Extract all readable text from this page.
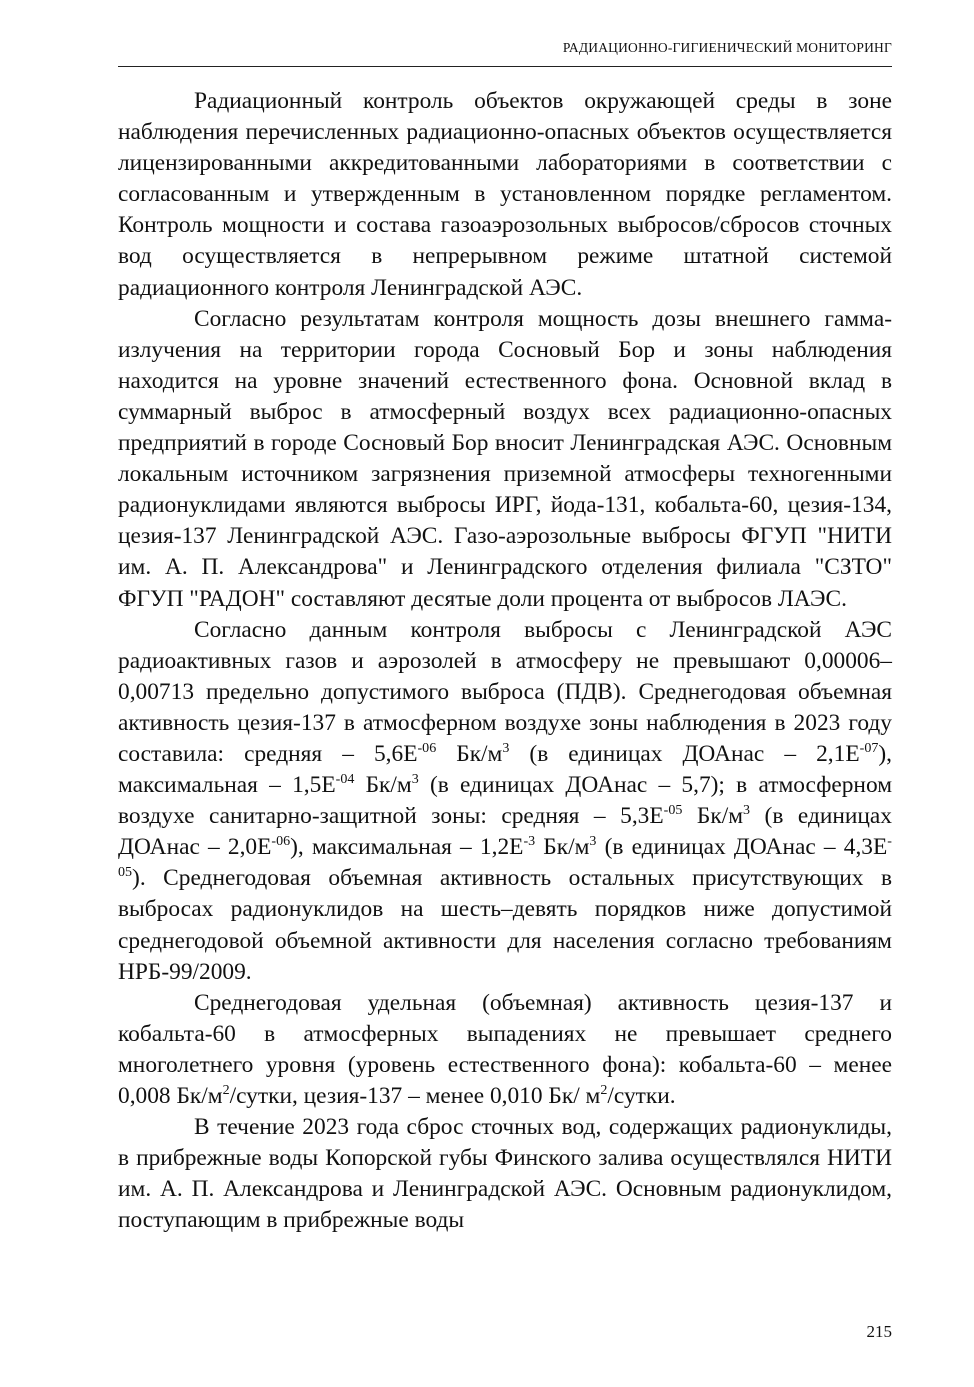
РАДИАЦИОННО-ГИГИЕНИЧЕСКИЙ МОНИТОРИНГ

Радиационный контроль объектов окружающей среды в зоне наблюдения перечисленных радиационно-опасных объектов осуществляется лицензированными аккредитованными лабораториями в соответствии с согласованным и утвержденным в установленном порядке регламентом. Контроль мощности и состава газоаэрозольных выбросов/сбросов сточных вод осуществляется в непрерывном режиме штатной системой радиационного контроля Ленинградской АЭС.

Согласно результатам контроля мощность дозы внешнего гамма-излучения на территории города Сосновый Бор и зоны наблюдения находится на уровне значений естественного фона. Основной вклад в суммарный выброс в атмосферный воздух всех радиационно-опасных предприятий в городе Сосновый Бор вносит Ленинградская АЭС. Основным локальным источником загрязнения приземной атмосферы техногенными радионуклидами являются выбросы ИРГ, йода-131, кобальта-60, цезия-134, цезия-137 Ленинградской АЭС. Газо-аэрозольные выбросы ФГУП "НИТИ им. А. П. Александрова" и Ленинградского отделения филиала "СЗТО" ФГУП "РАДОН" составляют десятые доли процента от выбросов ЛАЭС.

Согласно данным контроля выбросы с Ленинградской АЭС радиоактивных газов и аэрозолей в атмосферу не превышают 0,00006–0,00713 предельно допустимого выброса (ПДВ). Среднегодовая объемная активность цезия-137 в атмосферном воздухе зоны наблюдения в 2023 году составила: средняя – $5,6E^{-06}$ $Бк/м^3$ (в единицах ДОАнас – $2,1E^{-07}$), максимальная – $1,5E^{-04}$ $Бк/м^3$ (в единицах ДОАнас – 5,7); в атмосферном воздухе санитарно-защитной зоны: средняя – $5,3E^{-05}$ $Бк/м^3$ (в единицах ДОАнас – $2,0E^{-06}$), максимальная – $1,2E^{-3}$ $Бк/м^3$ (в единицах ДОАнас – $4,3E^{-05}$). Среднегодовая объемная активность остальных присутствующих в выбросах радионуклидов на шесть–девять порядков ниже допустимой среднегодовой объемной активности для населения согласно требованиям НРБ-99/2009.

Среднегодовая удельная (объемная) активность цезия-137 и кобальта-60 в атмосферных выпадениях не превышает среднего многолетнего уровня (уровень естественного фона): кобальта-60 – менее 0,008 $Бк/м^2$/сутки, цезия-137 – менее 0,010 Бк/ $м^2$/сутки.

В течение 2023 года сброс сточных вод, содержащих радионуклиды, в прибрежные воды Копорской губы Финского залива осуществлялся НИТИ им. А. П. Александрова и Ленинградской АЭС. Основным радионуклидом, поступающим в прибрежные воды

215
